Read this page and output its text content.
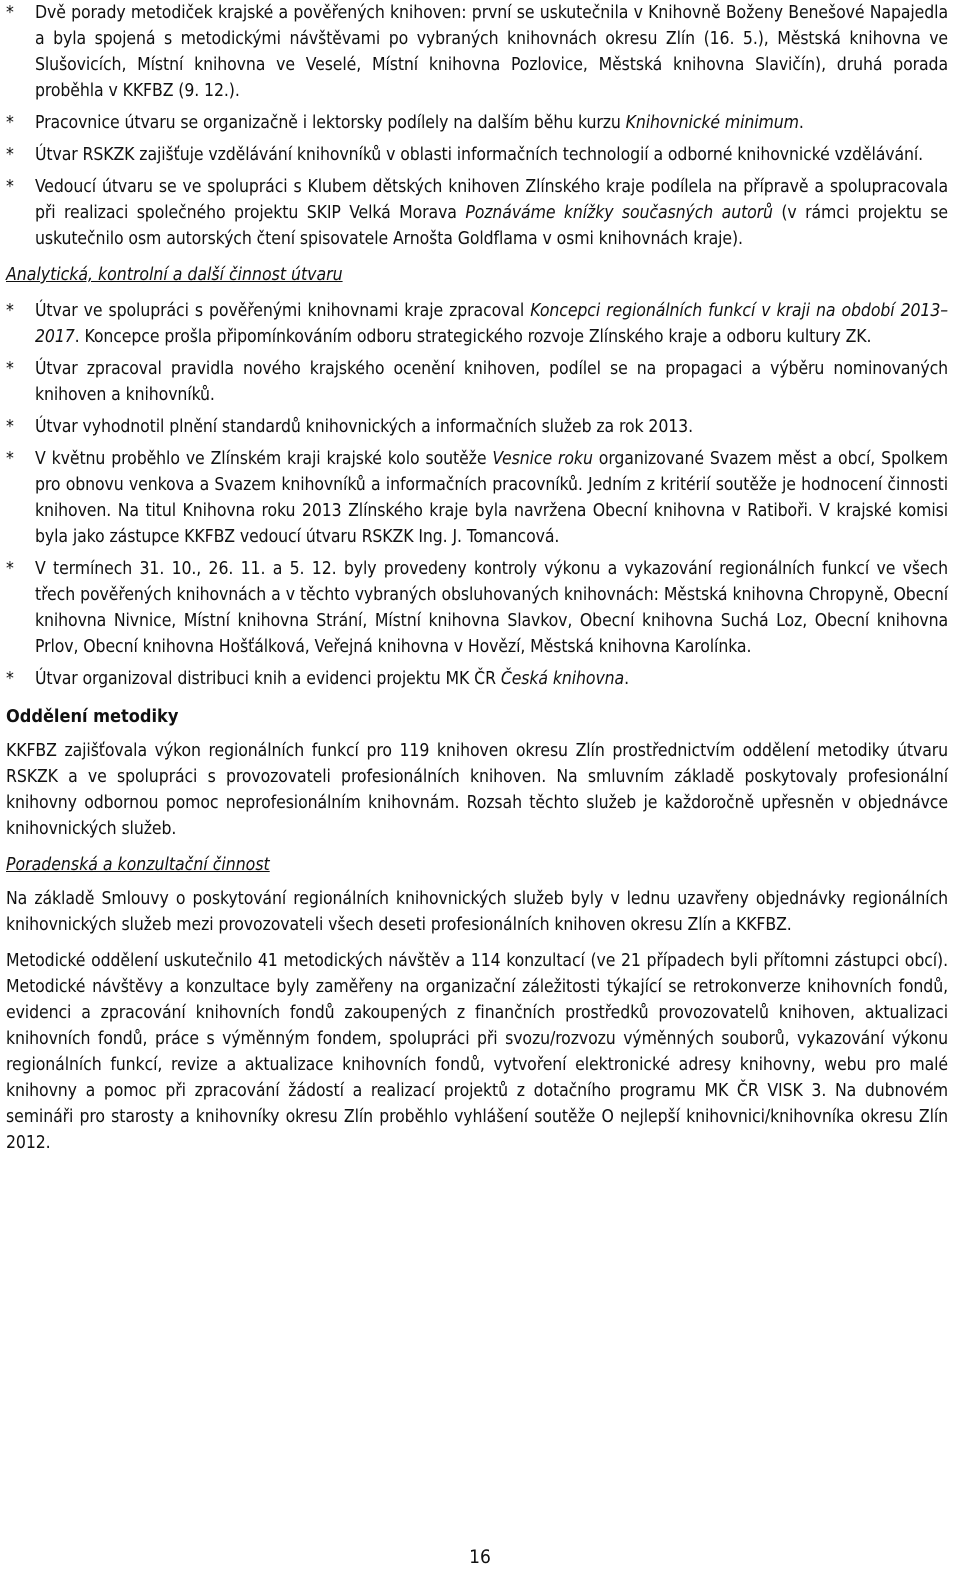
* Dvě porady metodiček krajské a pověřených knihoven: první se uskutečnila v Knihovně Boženy Benešové Napajedla a byla spojená s metodickými návštěvami po vybraných knihovnách okresu Zlín (16. 5.), Městská knihovna ve Slušovicích, Místní knihovna ve Veselé, Místní knihovna Pozlovice, Městská knihovna Slavičín), druhá porada proběhla v KKFBZ (9. 12.).

* Pracovnice útvaru se organizačně i lektorsky podílely na dalším běhu kurzu Knihovnické minimum.

* Útvar RSKZK zajišťuje vzdělávání knihovníků v oblasti informačních technologií a odborné knihovnické vzdělávání.

* Vedoucí útvaru se ve spolupráci s Klubem dětských knihoven Zlínského kraje podílela na přípravě a spolupracovala při realizaci společného projektu SKIP Velká Morava Poznáváme knížky současných autorů (v rámci projektu se uskutečnilo osm autorských čtení spisovatele Arnošta Goldflama v osmi knihovnách kraje).

Analytická, kontrolní a další činnost útvaru

* Útvar ve spolupráci s pověřenými knihovnami kraje zpracoval Koncepci regionálních funkcí v kraji na období 2013–2017. Koncepce prošla připomínkováním odboru strategického rozvoje Zlínského kraje a odboru kultury ZK.

* Útvar zpracoval pravidla nového krajského ocenění knihoven, podílel se na propagaci a výběru nominovaných knihoven a knihovníků.

* Útvar vyhodnotil plnění standardů knihovnických a informačních služeb za rok 2013.

* V květnu proběhlo ve Zlínském kraji krajské kolo soutěže Vesnice roku organizované Svazem měst a obcí, Spolkem pro obnovu venkova a Svazem knihovníků a informačních pracovníků. Jedním z kritérií soutěže je hodnocení činnosti knihoven. Na titul Knihovna roku 2013 Zlínského kraje byla navržena Obecní knihovna v Ratiboři. V krajské komisi byla jako zástupce KKFBZ vedoucí útvaru RSKZK Ing. J. Tomancová.

* V termínech 31. 10., 26. 11. a 5. 12. byly provedeny kontroly výkonu a vykazování regionálních funkcí ve všech třech pověřených knihovnách a v těchto vybraných obsluhovaných knihovnách: Městská knihovna Chropyně, Obecní knihovna Nivnice, Místní knihovna Strání, Místní knihovna Slavkov, Obecní knihovna Suchá Loz, Obecní knihovna Prlov, Obecní knihovna Hošťálková, Veřejná knihovna v Hovězí, Městská knihovna Karolínka.

* Útvar organizoval distribuci knih a evidenci projektu MK ČR Česká knihovna.

Oddělení metodiky

KKFBZ zajišťovala výkon regionálních funkcí pro 119 knihoven okresu Zlín prostřednictvím oddělení metodiky útvaru RSKZK a ve spolupráci s provozovateli profesionálních knihoven. Na smluvním základě poskytovaly profesionální knihovny odbornou pomoc neprofesionálním knihovnám. Rozsah těchto služeb je každoročně upřesněn v objednávce knihovnických služeb.

Poradenská a konzultační činnost

Na základě Smlouvy o poskytování regionálních knihovnických služeb byly v lednu uzavřeny objednávky regionálních knihovnických služeb mezi provozovateli všech deseti profesionálních knihoven okresu Zlín a KKFBZ.

Metodické oddělení uskutečnilo 41 metodických návštěv a 114 konzultací (ve 21 případech byli přítomni zástupci obcí). Metodické návštěvy a konzultace byly zaměřeny na organizační záležitosti týkající se retrokonverze knihovních fondů, evidenci a zpracování knihovních fondů zakoupených z finančních prostředků provozovatelů knihoven, aktualizaci knihovních fondů, práce s výměnným fondem, spolupráci při svozu/rozvozu výměnných souborů, vykazování výkonu regionálních funkcí, revize a aktualizace knihovních fondů, vytvoření elektronické adresy knihovny, webu pro malé knihovny a pomoc při zpracování žádostí a realizací projektů z dotačního programu MK ČR VISK 3. Na dubnovém semináři pro starosty a knihovníky okresu Zlín proběhlo vyhlášení soutěže O nejlepší knihovnici/knihovníka okresu Zlín 2012.

16
